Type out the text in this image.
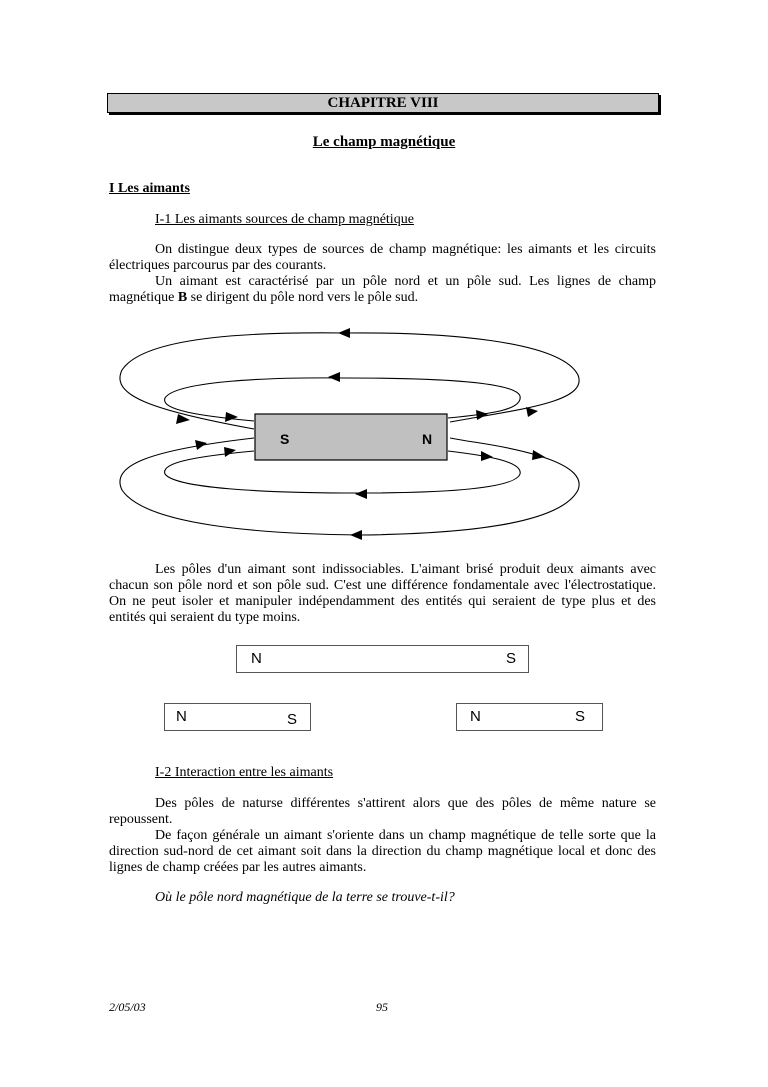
CHAPITRE VIII
Le champ magnétique
I Les aimants
I-1 Les aimants sources de champ magnétique
On distingue deux types de sources de champ magnétique: les aimants et les circuits électriques parcourus par des courants.
Un aimant est caractérisé par un pôle nord et un pôle sud. Les lignes de champ magnétique B se dirigent du pôle nord vers le pôle sud.
S	N
Les pôles d'un aimant sont indissociables. L'aimant brisé produit deux aimants avec chacun son pôle nord et son pôle sud. C'est une différence fondamentale avec l'électrostatique. On ne peut isoler et manipuler indépendamment des entités qui seraient de type plus et des entités qui seraient du type moins.
N	S
N	S	N	S
I-2 Interaction entre les aimants
Des pôles de naturse différentes s'attirent alors que des pôles de même nature se repoussent.
De façon générale un aimant s'oriente dans un champ magnétique de telle sorte que la direction sud-nord de cet aimant soit dans la direction du champ magnétique local et donc des lignes de champ créées par les autres aimants.
Où le pôle nord magnétique de la terre se trouve-t-il?
2/05/03	95
